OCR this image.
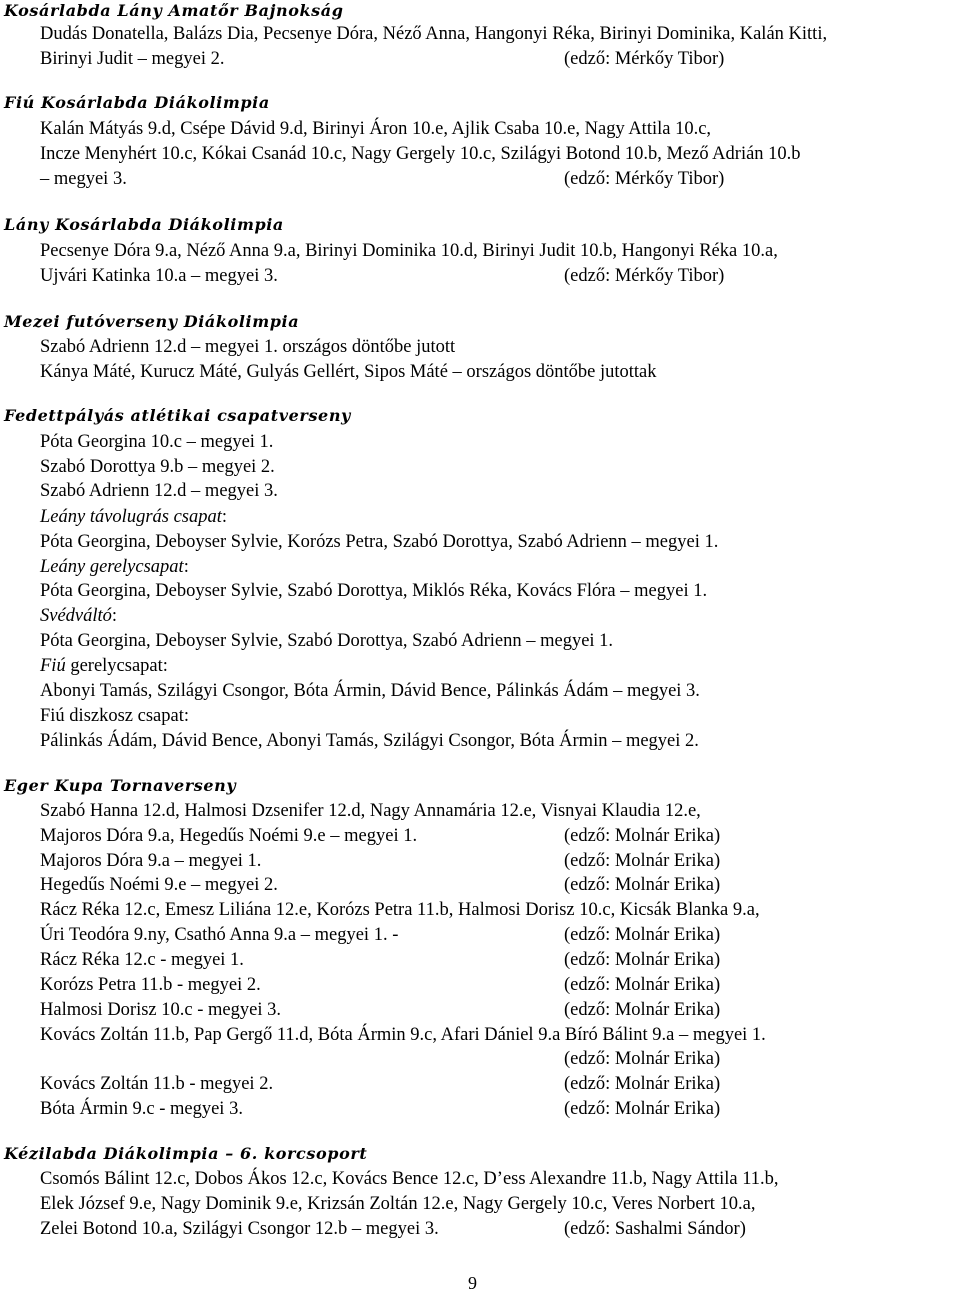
Kosárlabda Lány Amatőr Bajnokság
Dudás Donatella, Balázs Dia, Pecsenye Dóra, Néző Anna, Hangonyi Réka, Birinyi Dominika, Kalán Kitti,
Birinyi Judit – megyei 2.	(edző: Mérkőy Tibor)
Fiú Kosárlabda Diákolimpia
Kalán Mátyás 9.d, Csépe Dávid 9.d, Birinyi Áron 10.e, Ajlik Csaba 10.e, Nagy Attila 10.c,
Incze Menyhért 10.c, Kókai Csanád 10.c, Nagy Gergely 10.c, Szilágyi Botond 10.b, Mező Adrián 10.b
– megyei 3.	(edző: Mérkőy Tibor)
Lány Kosárlabda Diákolimpia
Pecsenye Dóra 9.a, Néző Anna 9.a, Birinyi Dominika 10.d, Birinyi Judit 10.b, Hangonyi Réka 10.a,
Ujvári Katinka 10.a – megyei 3.	(edző: Mérkőy Tibor)
Mezei futóverseny Diákolimpia
Szabó Adrienn 12.d – megyei 1. országos döntőbe jutott
Kánya Máté, Kurucz Máté, Gulyás Gellért, Sipos Máté – országos döntőbe jutottak
Fedettpályás atlétikai csapatverseny
Póta Georgina 10.c – megyei 1.
Szabó Dorottya 9.b – megyei 2.
Szabó Adrienn 12.d – megyei 3.
Leány távolugrás csapat:
Póta Georgina, Deboyser Sylvie, Korózs Petra, Szabó Dorottya, Szabó Adrienn – megyei 1.
Leány gerelycsapat:
Póta Georgina, Deboyser Sylvie, Szabó Dorottya, Miklós Réka, Kovács Flóra – megyei 1.
Svédváltó:
Póta Georgina, Deboyser Sylvie, Szabó Dorottya, Szabó Adrienn – megyei 1.
Fiú gerelycsapat:
Abonyi Tamás, Szilágyi Csongor, Bóta Ármin, Dávid Bence, Pálinkás Ádám – megyei 3.
Fiú diszkosz csapat:
Pálinkás Ádám, Dávid Bence, Abonyi Tamás, Szilágyi Csongor, Bóta Ármin – megyei 2.
Eger Kupa Tornaverseny
Szabó Hanna 12.d, Halmosi Dzsenifer 12.d, Nagy Annamária 12.e, Visnyai Klaudia 12.e,
Majoros Dóra 9.a, Hegedűs Noémi 9.e – megyei 1.	(edző: Molnár Erika)
Majoros Dóra 9.a – megyei 1.	(edző: Molnár Erika)
Hegedűs Noémi 9.e – megyei 2.	(edző: Molnár Erika)
Rácz Réka 12.c, Emesz Liliána 12.e, Korózs Petra 11.b, Halmosi Dorisz 10.c, Kicsák Blanka 9.a,
Úri Teodóra 9.ny, Csathó Anna 9.a – megyei 1. -	(edző: Molnár Erika)
Rácz Réka 12.c - megyei 1.	(edző: Molnár Erika)
Korózs Petra 11.b - megyei 2.	(edző: Molnár Erika)
Halmosi Dorisz 10.c - megyei 3.	(edző: Molnár Erika)
Kovács Zoltán 11.b, Pap Gergő 11.d, Bóta Ármin 9.c, Afari Dániel 9.a Bíró Bálint 9.a – megyei 1.
(edző: Molnár Erika)
Kovács Zoltán 11.b - megyei 2.	(edző: Molnár Erika)
Bóta Ármin 9.c - megyei 3.	(edző: Molnár Erika)
Kézilabda Diákolimpia – 6. korcsoport
Csomós Bálint 12.c, Dobos Ákos 12.c, Kovács Bence 12.c, D’ess Alexandre 11.b, Nagy Attila 11.b,
Elek József 9.e, Nagy Dominik 9.e, Krizsán Zoltán 12.e, Nagy Gergely 10.c, Veres Norbert 10.a,
Zelei Botond 10.a, Szilágyi Csongor 12.b – megyei 3.	(edző: Sashalmi Sándor)
9
